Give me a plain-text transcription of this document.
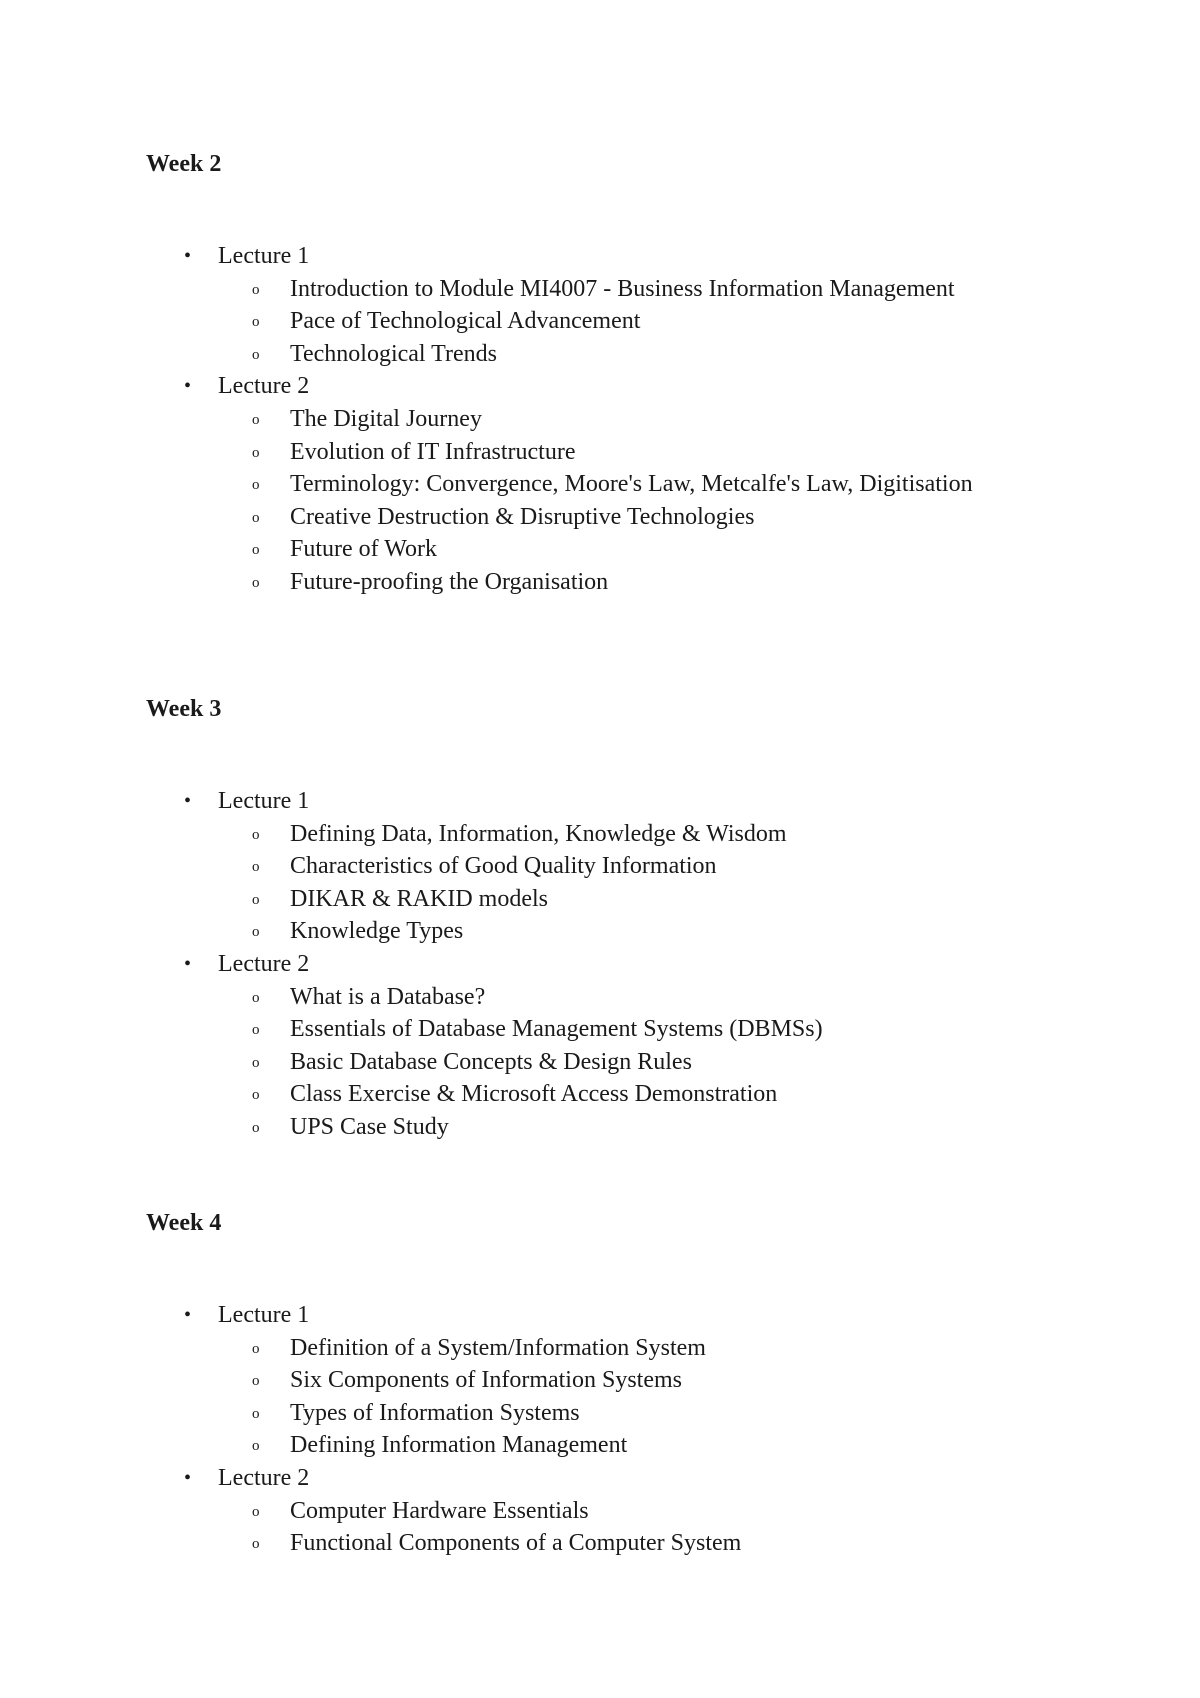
Week 2
• Lecture 1
o Introduction to Module MI4007 - Business Information Management
o Pace of Technological Advancement
o Technological Trends
• Lecture 2
o The Digital Journey
o Evolution of IT Infrastructure
o Terminology: Convergence, Moore's Law, Metcalfe's Law, Digitisation
o Creative Destruction & Disruptive Technologies
o Future of Work
o Future-proofing the Organisation
Week 3
• Lecture 1
o Defining Data, Information, Knowledge & Wisdom
o Characteristics of Good Quality Information
o DIKAR & RAKID models
o Knowledge Types
• Lecture 2
o What is a Database?
o Essentials of Database Management Systems (DBMSs)
o Basic Database Concepts & Design Rules
o Class Exercise & Microsoft Access Demonstration
o UPS Case Study
Week 4
• Lecture 1
o Definition of a System/Information System
o Six Components of Information Systems
o Types of Information Systems
o Defining Information Management
• Lecture 2
o Computer Hardware Essentials
o Functional Components of a Computer System
